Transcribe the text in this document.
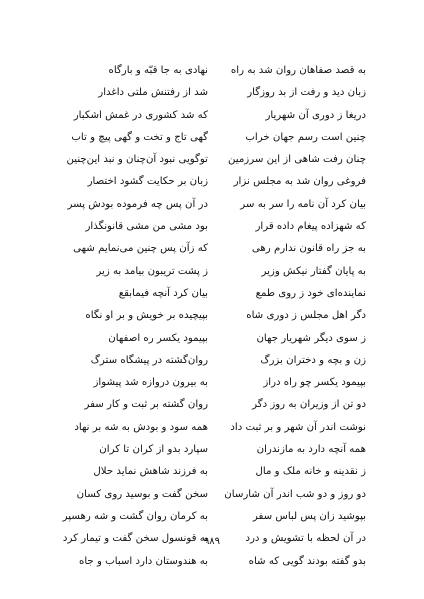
به قصد صفاهان روان شد به راه
نهادی به جا قبّه و بارگاه
زبان دید و رفت از بد روزگار
شد از رفتنش ملتی داغدار
دریغا ز دوری آن شهریار
که شد کشوری در غمش اشکبار
چنین است رسم جهان خراب
گهی تاج و تخت و گهی پیچ و تاب
چنان رفت شاهی از این سرزمین
توگویی نبود آن‌چنان و نبد این‌چنین
فروغی روان شد به مجلس نزار
زبان بر حکایت گشود اختصار
بیان کرد آن نامه را سر به سر
در آن پس چه فرموده بودش پسر
که شهزاده پیغام داده قرار
بود مشی من مشی قانونگذار
به جز راه قانون ندارم رهی
که زآن پس چنین می‌نمایم شهی
به پایان گفتار نیکش وزیر
ز پشت تریبون بیامد به زیر
نماینده‌ای خود ز روی طمع
بیان کرد آنچه فیمابقع
دگر اهل مجلس ز دوری شاه
بپیچیده بر خویش و بر او نگاه
ز سوی دیگر شهریار جهان
بپیمود یکسر ره اصفهان
زن و بچه و دختران بزرگ
روان‌گشته در پیشگاه سترگ
بپیمود یکسر چو راه دراز
به بیرون دروازه شد پیشواز
دو تن از وزیران به روز دگر
روان گشته بر ثبت و کار سفر
نوشت اندر آن شهر و بر ثبت داد
همه سود و بودش به شه بر نهاد
همه آنچه دارد به مازندران
سپارد بدو از کران تا کران
ز نقدینه و خانه ملک و مال
به فرزند شاهش نماید حلال
دو روز و دو شب اندر آن شارسان
سخن گفت و بوسید روی کسان
بپوشید زان پس لباس سفر
به کرمان روان گشت و شه رهسپر
در آن لحظه با تشویش و درد
به قونسول سخن گفت و تیمار کرد
بدو گفته بودند گویی که شاه
به هندوستان دارد اسباب و جاه
۹۸۹
